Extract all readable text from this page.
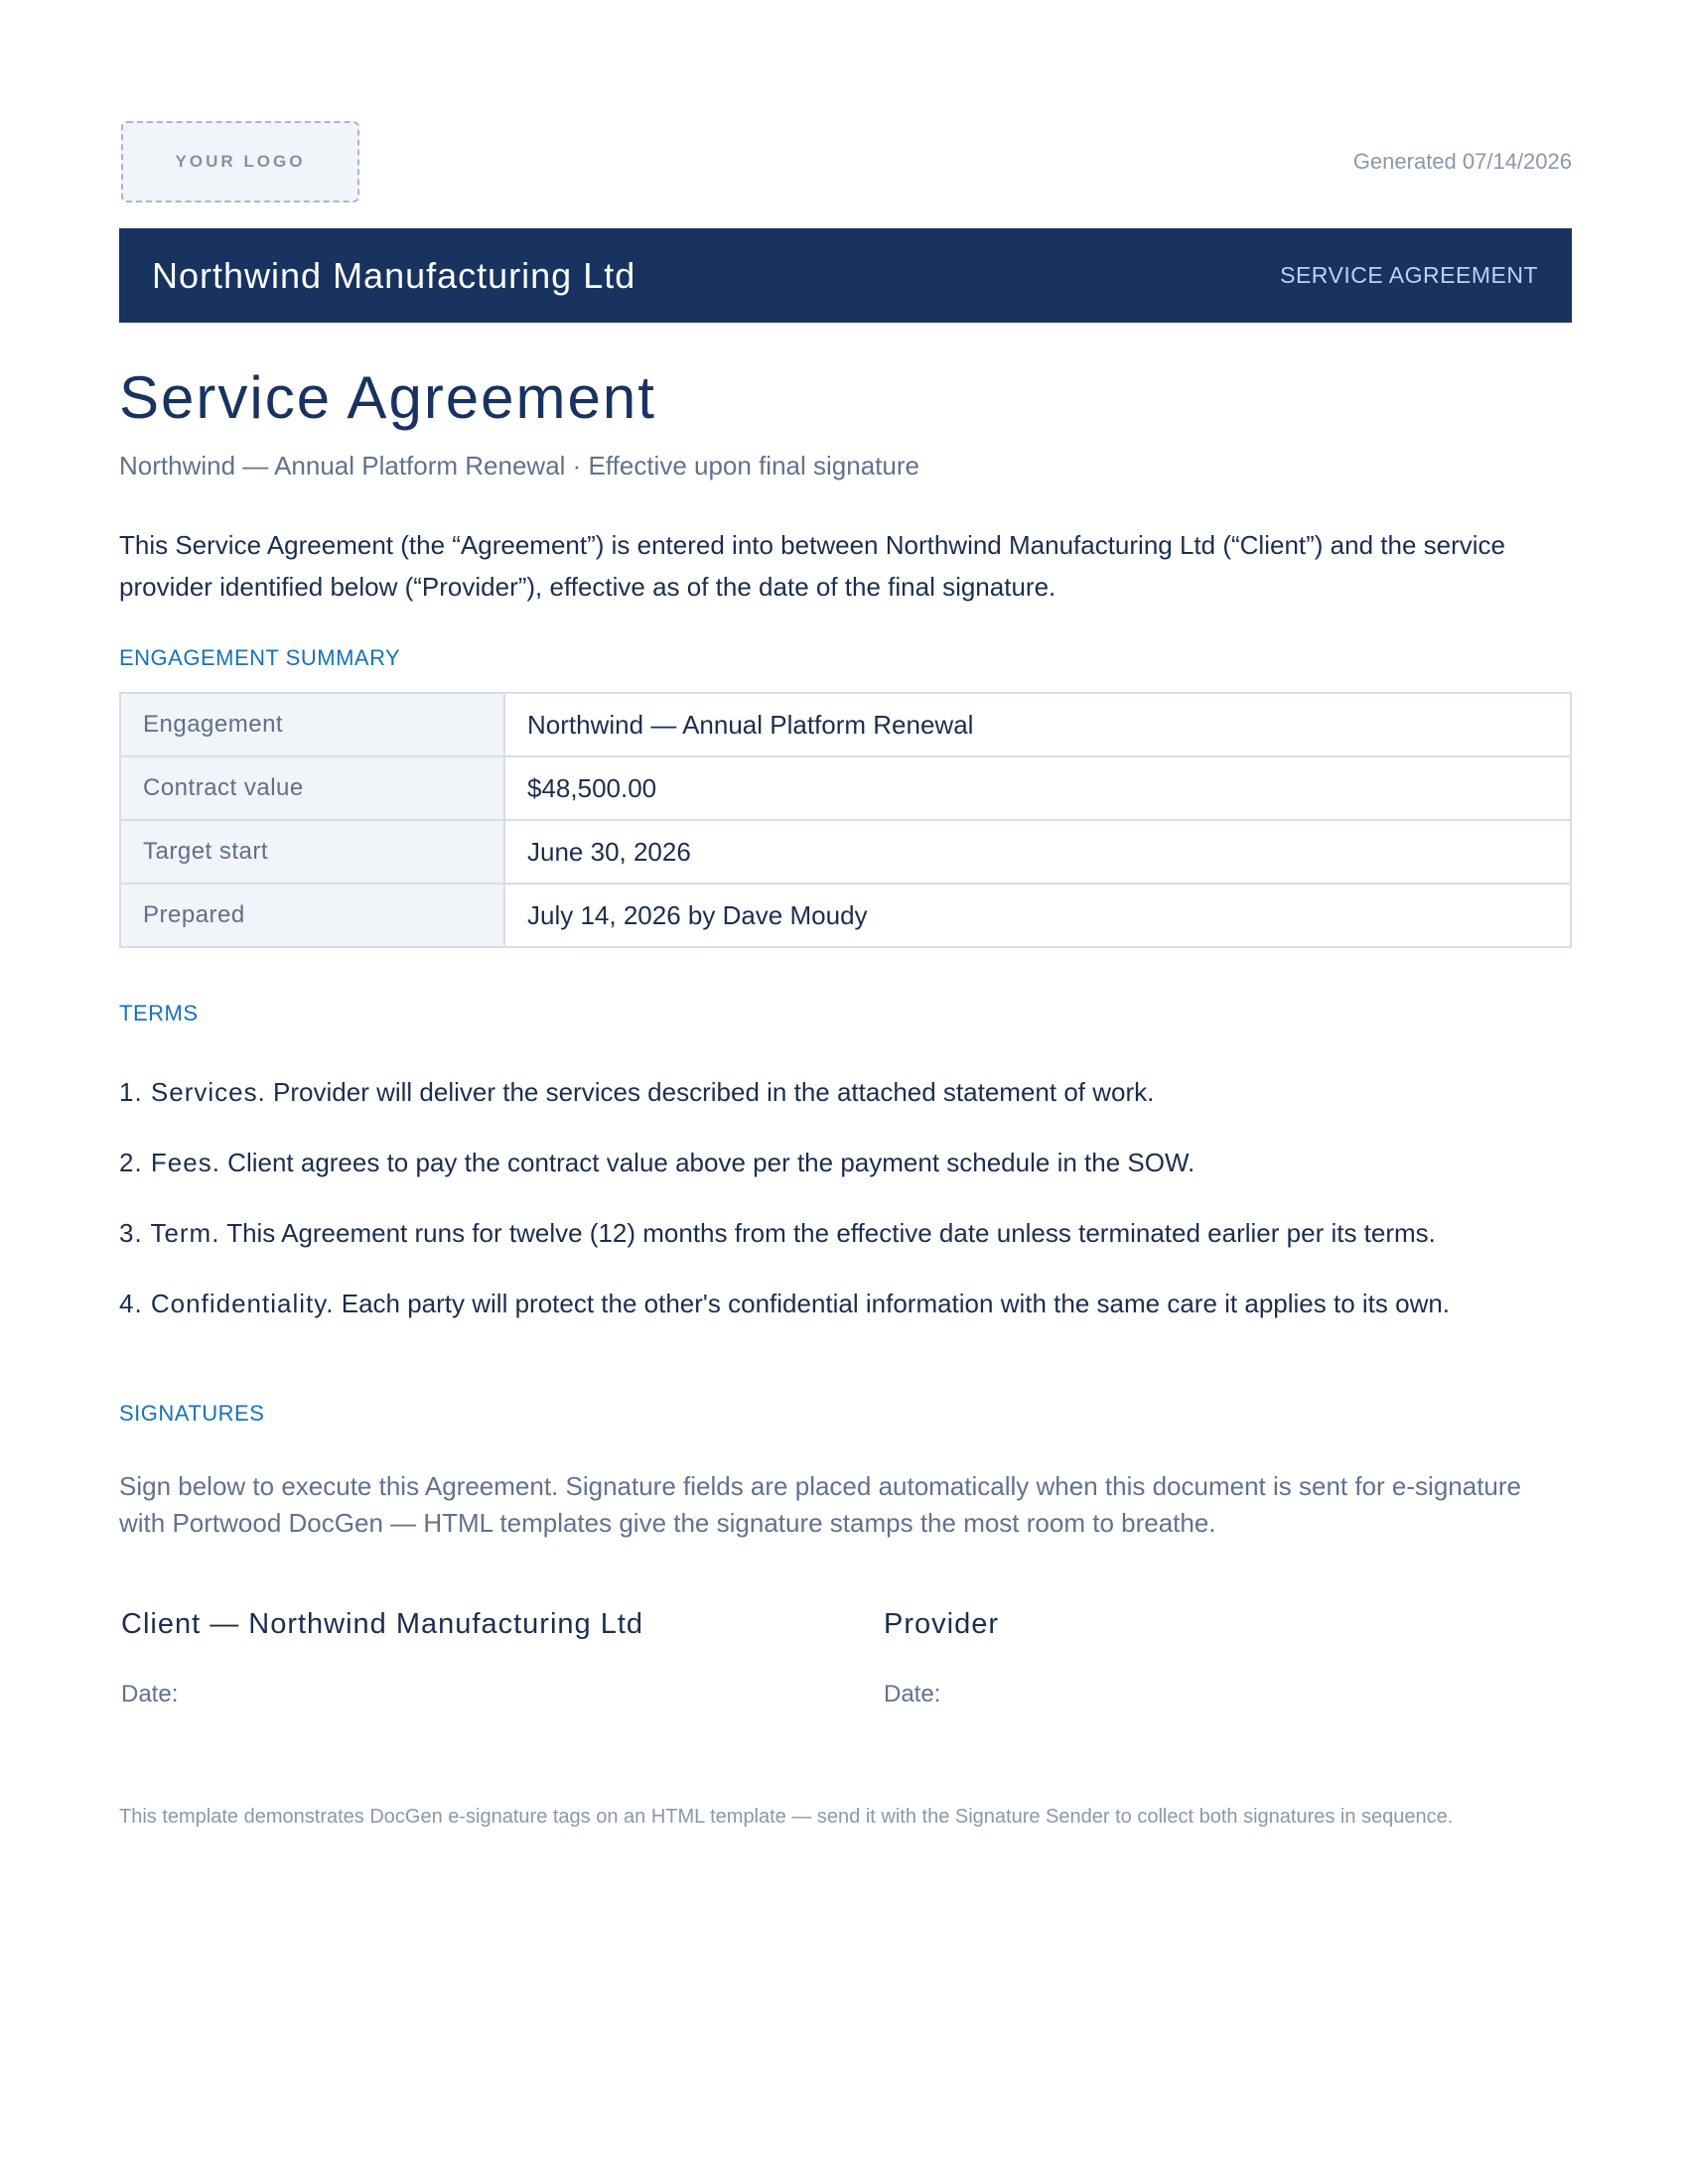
YOUR LOGO	Generated 07/14/2026
Northwind Manufacturing Ltd	SERVICE AGREEMENT
Service Agreement
Northwind — Annual Platform Renewal · Effective upon final signature
This Service Agreement (the “Agreement”) is entered into between Northwind Manufacturing Ltd (“Client”) and the service provider identified below (“Provider”), effective as of the date of the final signature.
ENGAGEMENT SUMMARY
Engagement	Northwind — Annual Platform Renewal
Contract value	$48,500.00
Target start	June 30, 2026
Prepared	July 14, 2026 by Dave Moudy
TERMS
1. Services. Provider will deliver the services described in the attached statement of work.
2. Fees. Client agrees to pay the contract value above per the payment schedule in the SOW.
3. Term. This Agreement runs for twelve (12) months from the effective date unless terminated earlier per its terms.
4. Confidentiality. Each party will protect the other's confidential information with the same care it applies to its own.
SIGNATURES
Sign below to execute this Agreement. Signature fields are placed automatically when this document is sent for e-signature with Portwood DocGen — HTML templates give the signature stamps the most room to breathe.
Client — Northwind Manufacturing Ltd
Date:
Provider
Date:
This template demonstrates DocGen e-signature tags on an HTML template — send it with the Signature Sender to collect both signatures in sequence.
